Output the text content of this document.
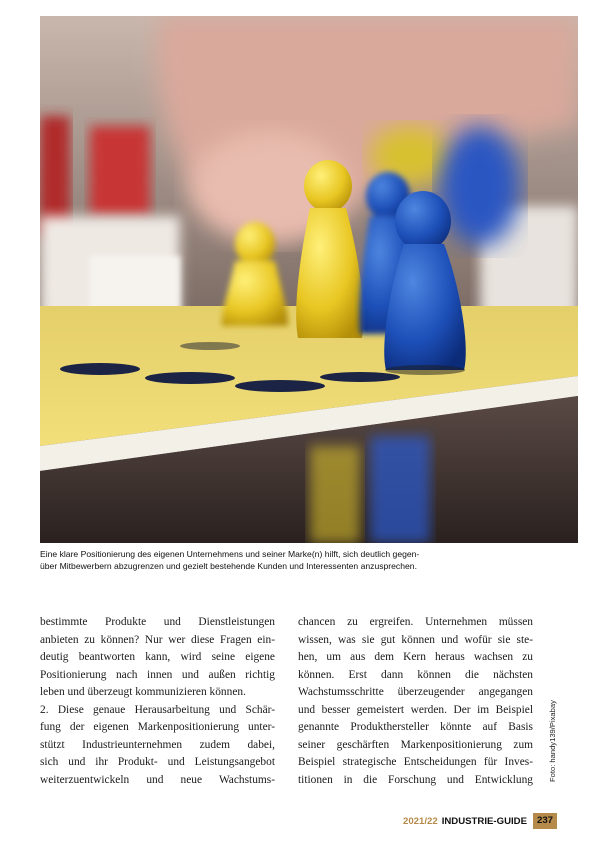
Eine klare Positionierung des eigenen Unternehmens und seiner Marke(n) hilft, sich deutlich gegen-
über Mitbewerbern abzugrenzen und gezielt bestehende Kunden und Interessenten anzusprechen.
bestimmte Produkte und Dienstleistungen
anbieten zu können? Nur wer diese Fragen ein-
deutig beantworten kann, wird seine eigene
Positionierung nach innen und außen richtig
leben und überzeugt kommunizieren können.
2. Diese genaue Herausarbeitung und Schär-
fung der eigenen Markenpositionierung unter-
stützt Industrieunternehmen zudem dabei,
sich und ihr Produkt- und Leistungsangebot
weiterzuentwickeln und neue Wachstums-
chancen zu ergreifen. Unternehmen müssen
wissen, was sie gut können und wofür sie ste-
hen, um aus dem Kern heraus wachsen zu
können. Erst dann können die nächsten
Wachstumsschritte überzeugender angegangen
und besser gemeistert werden. Der im Beispiel
genannte Produkthersteller könnte auf Basis
seiner geschärften Markenpositionierung zum
Beispiel strategische Entscheidungen für Inves-
titionen in die Forschung und Entwicklung Foto: handy139/Pixabay
2021/22 INDUSTRIE-GUIDE	237
